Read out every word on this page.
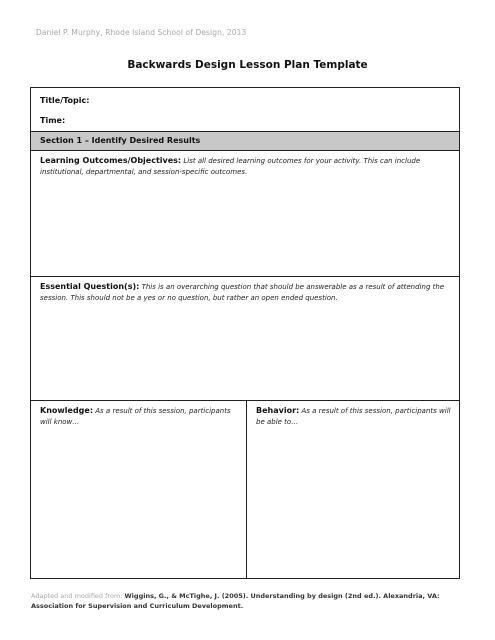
Daniel P. Murphy, Rhode Island School of Design, 2013
Backwards Design Lesson Plan Template
Title/Topic:
Time:
Section 1 – Identify Desired Results
Learning Outcomes/Objectives: List all desired learning outcomes for your activity. This can include institutional, departmental, and session-specific outcomes.
Essential Question(s): This is an overarching question that should be answerable as a result of attending the session. This should not be a yes or no question, but rather an open ended question.
Knowledge: As a result of this session, participants will know…
Behavior: As a result of this session, participants will be able to…
Adapted and modified from: Wiggins, G., & McTighe, J. (2005). Understanding by design (2nd ed.). Alexandria, VA: Association for Supervision and Curriculum Development.
